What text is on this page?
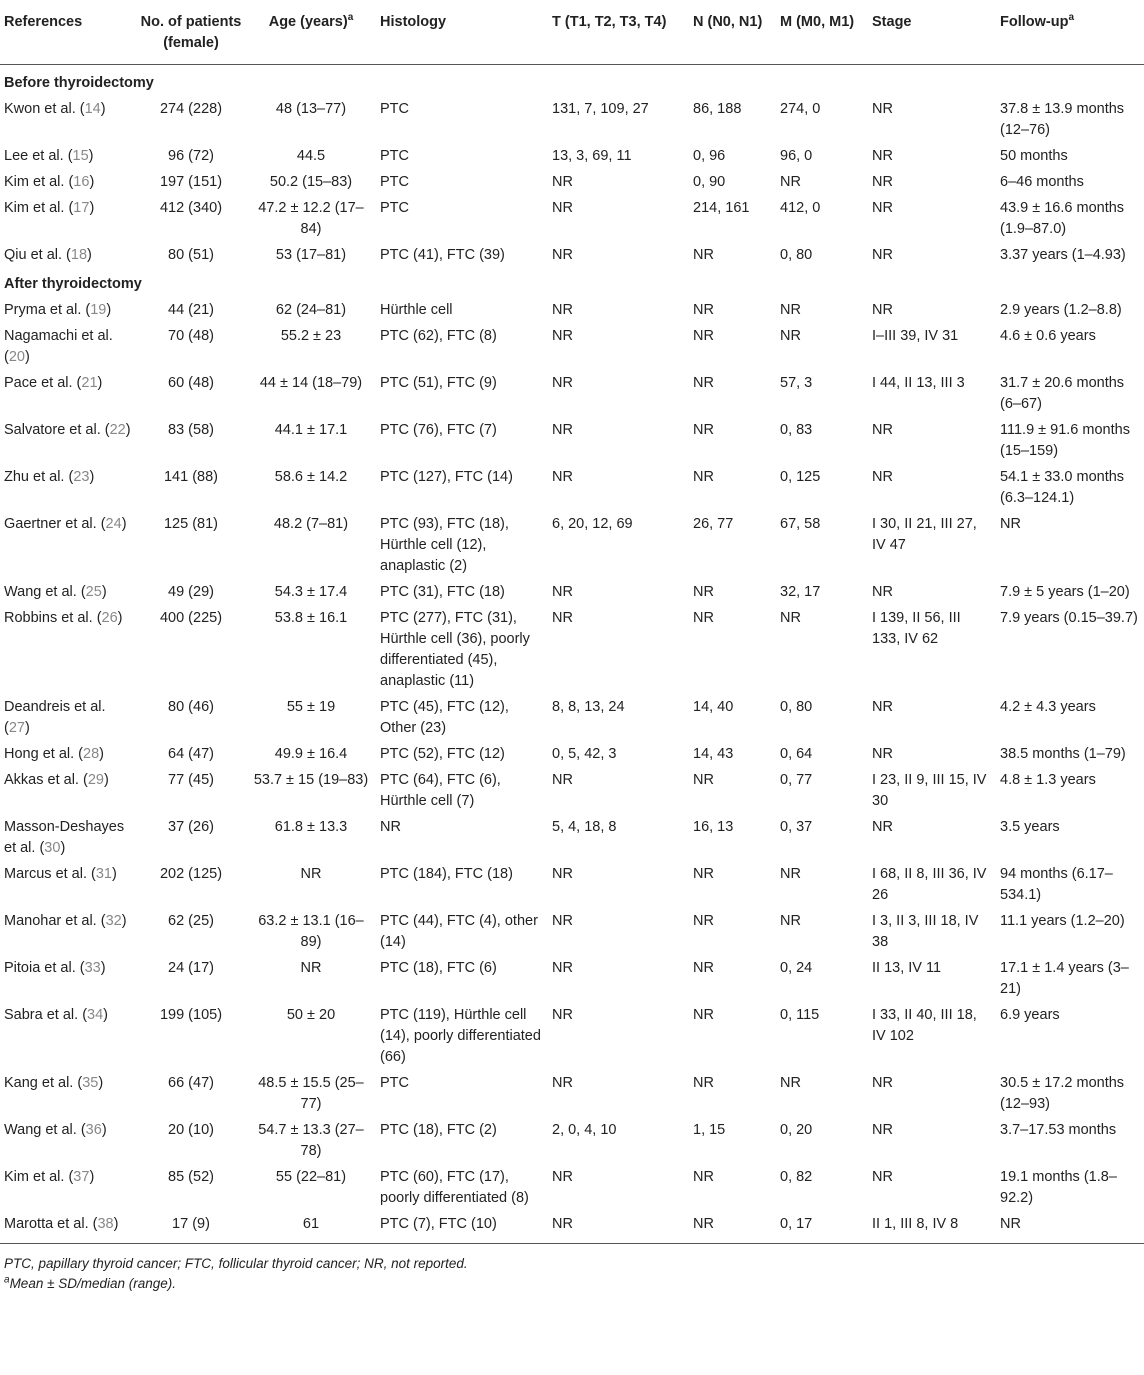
References	No. of patients (female)	Age (years)$^a$	Histology	T (T1, T2, T3, T4)	N (N0, N1)	M (M0, M1)	Stage	Follow-$up^a$
Before thyroidectomy								
Kwon et al. (14)	274 (228)	48 (13–77)	PTC	131, 7, 109, 27	86, 188	274, 0	NR	37.8 ± 13.9 months (12–76)
Lee et al. (15)	96 (72)	44.5	PTC	13, 3, 69, 11	0, 96	96, 0	NR	50 months
Kim et al. (16)	197 (151)	50.2 (15–83)	PTC	NR	0, 90	NR	NR	6–46 months
Kim et al. (17)	412 (340)	47.2 ± 12.2 (17–84)	PTC	NR	214, 161	412, 0	NR	43.9 ± 16.6 months (1.9–87.0)
Qiu et al. (18)	80 (51)	53 (17–81)	PTC (41), FTC (39)	NR	NR	0, 80	NR	3.37 years (1–4.93)
After thyroidectomy								
Pryma et al. (19)	44 (21)	62 (24–81)	Hürthle cell	NR	NR	NR	NR	2.9 years (1.2–8.8)
Nagamachi et al. (20)	70 (48)	55.2 ± 23	PTC (62), FTC (8)	NR	NR	NR	I–III 39, IV 31	4.6 ± 0.6 years
Pace et al. (21)	60 (48)	44 ± 14 (18–79)	PTC (51), FTC (9)	NR	NR	57, 3	I 44, II 13, III 3	31.7 ± 20.6 months (6–67)
Salvatore et al. (22)	83 (58)	44.1 ± 17.1	PTC (76), FTC (7)	NR	NR	0, 83	NR	111.9 ± 91.6 months (15–159)
Zhu et al. (23)	141 (88)	58.6 ± 14.2	PTC (127), FTC (14)	NR	NR	0, 125	NR	54.1 ± 33.0 months (6.3–124.1)
Gaertner et al. (24)	125 (81)	48.2 (7–81)	PTC (93), FTC (18), Hürthle cell (12), anaplastic (2)	6, 20, 12, 69	26, 77	67, 58	I 30, II 21, III 27, IV 47	NR
Wang et al. (25)	49 (29)	54.3 ± 17.4	PTC (31), FTC (18)	NR	NR	32, 17	NR	7.9 ± 5 years (1–20)
Robbins et al. (26)	400 (225)	53.8 ± 16.1	PTC (277), FTC (31), Hürthle cell (36), poorly differentiated (45), anaplastic (11)	NR	NR	NR	I 139, II 56, III 133, IV 62	7.9 years (0.15–39.7)
Deandreis et al. (27)	80 (46)	55 ± 19	PTC (45), FTC (12), Other (23)	8, 8, 13, 24	14, 40	0, 80	NR	4.2 ± 4.3 years
Hong et al. (28)	64 (47)	49.9 ± 16.4	PTC (52), FTC (12)	0, 5, 42, 3	14, 43	0, 64	NR	38.5 months (1–79)
Akkas et al. (29)	77 (45)	53.7 ± 15 (19–83)	PTC (64), FTC (6), Hürthle cell (7)	NR	NR	0, 77	I 23, II 9, III 15, IV 30	4.8 ± 1.3 years
Masson-Deshayes et al. (30)	37 (26)	61.8 ± 13.3	NR	5, 4, 18, 8	16, 13	0, 37	NR	3.5 years
Marcus et al. (31)	202 (125)	NR	PTC (184), FTC (18)	NR	NR	NR	I 68, II 8, III 36, IV 26	94 months (6.17–534.1)
Manohar et al. (32)	62 (25)	63.2 ± 13.1 (16–89)	PTC (44), FTC (4), other (14)	NR	NR	NR	I 3, II 3, III 18, IV 38	11.1 years (1.2–20)
Pitoia et al. (33)	24 (17)	NR	PTC (18), FTC (6)	NR	NR	0, 24	II 13, IV 11	17.1 ± 1.4 years (3–21)
Sabra et al. (34)	199 (105)	50 ± 20	PTC (119), Hürthle cell (14), poorly differentiated (66)	NR	NR	0, 115	I 33, II 40, III 18, IV 102	6.9 years
Kang et al. (35)	66 (47)	48.5 ± 15.5 (25–77)	PTC	NR	NR	NR	NR	30.5 ± 17.2 months (12–93)
Wang et al. (36)	20 (10)	54.7 ± 13.3 (27–78)	PTC (18), FTC (2)	2, 0, 4, 10	1, 15	0, 20	NR	3.7–17.53 months
Kim et al. (37)	85 (52)	55 (22–81)	PTC (60), FTC (17), poorly differentiated (8)	NR	NR	0, 82	NR	19.1 months (1.8–92.2)
Marotta et al. (38)	17 (9)	61	PTC (7), FTC (10)	NR	NR	0, 17	II 1, III 8, IV 8	NR
PTC, papillary thyroid cancer; FTC, follicular thyroid cancer; NR, not reported.
$^a$Mean ± SD/median (range).
